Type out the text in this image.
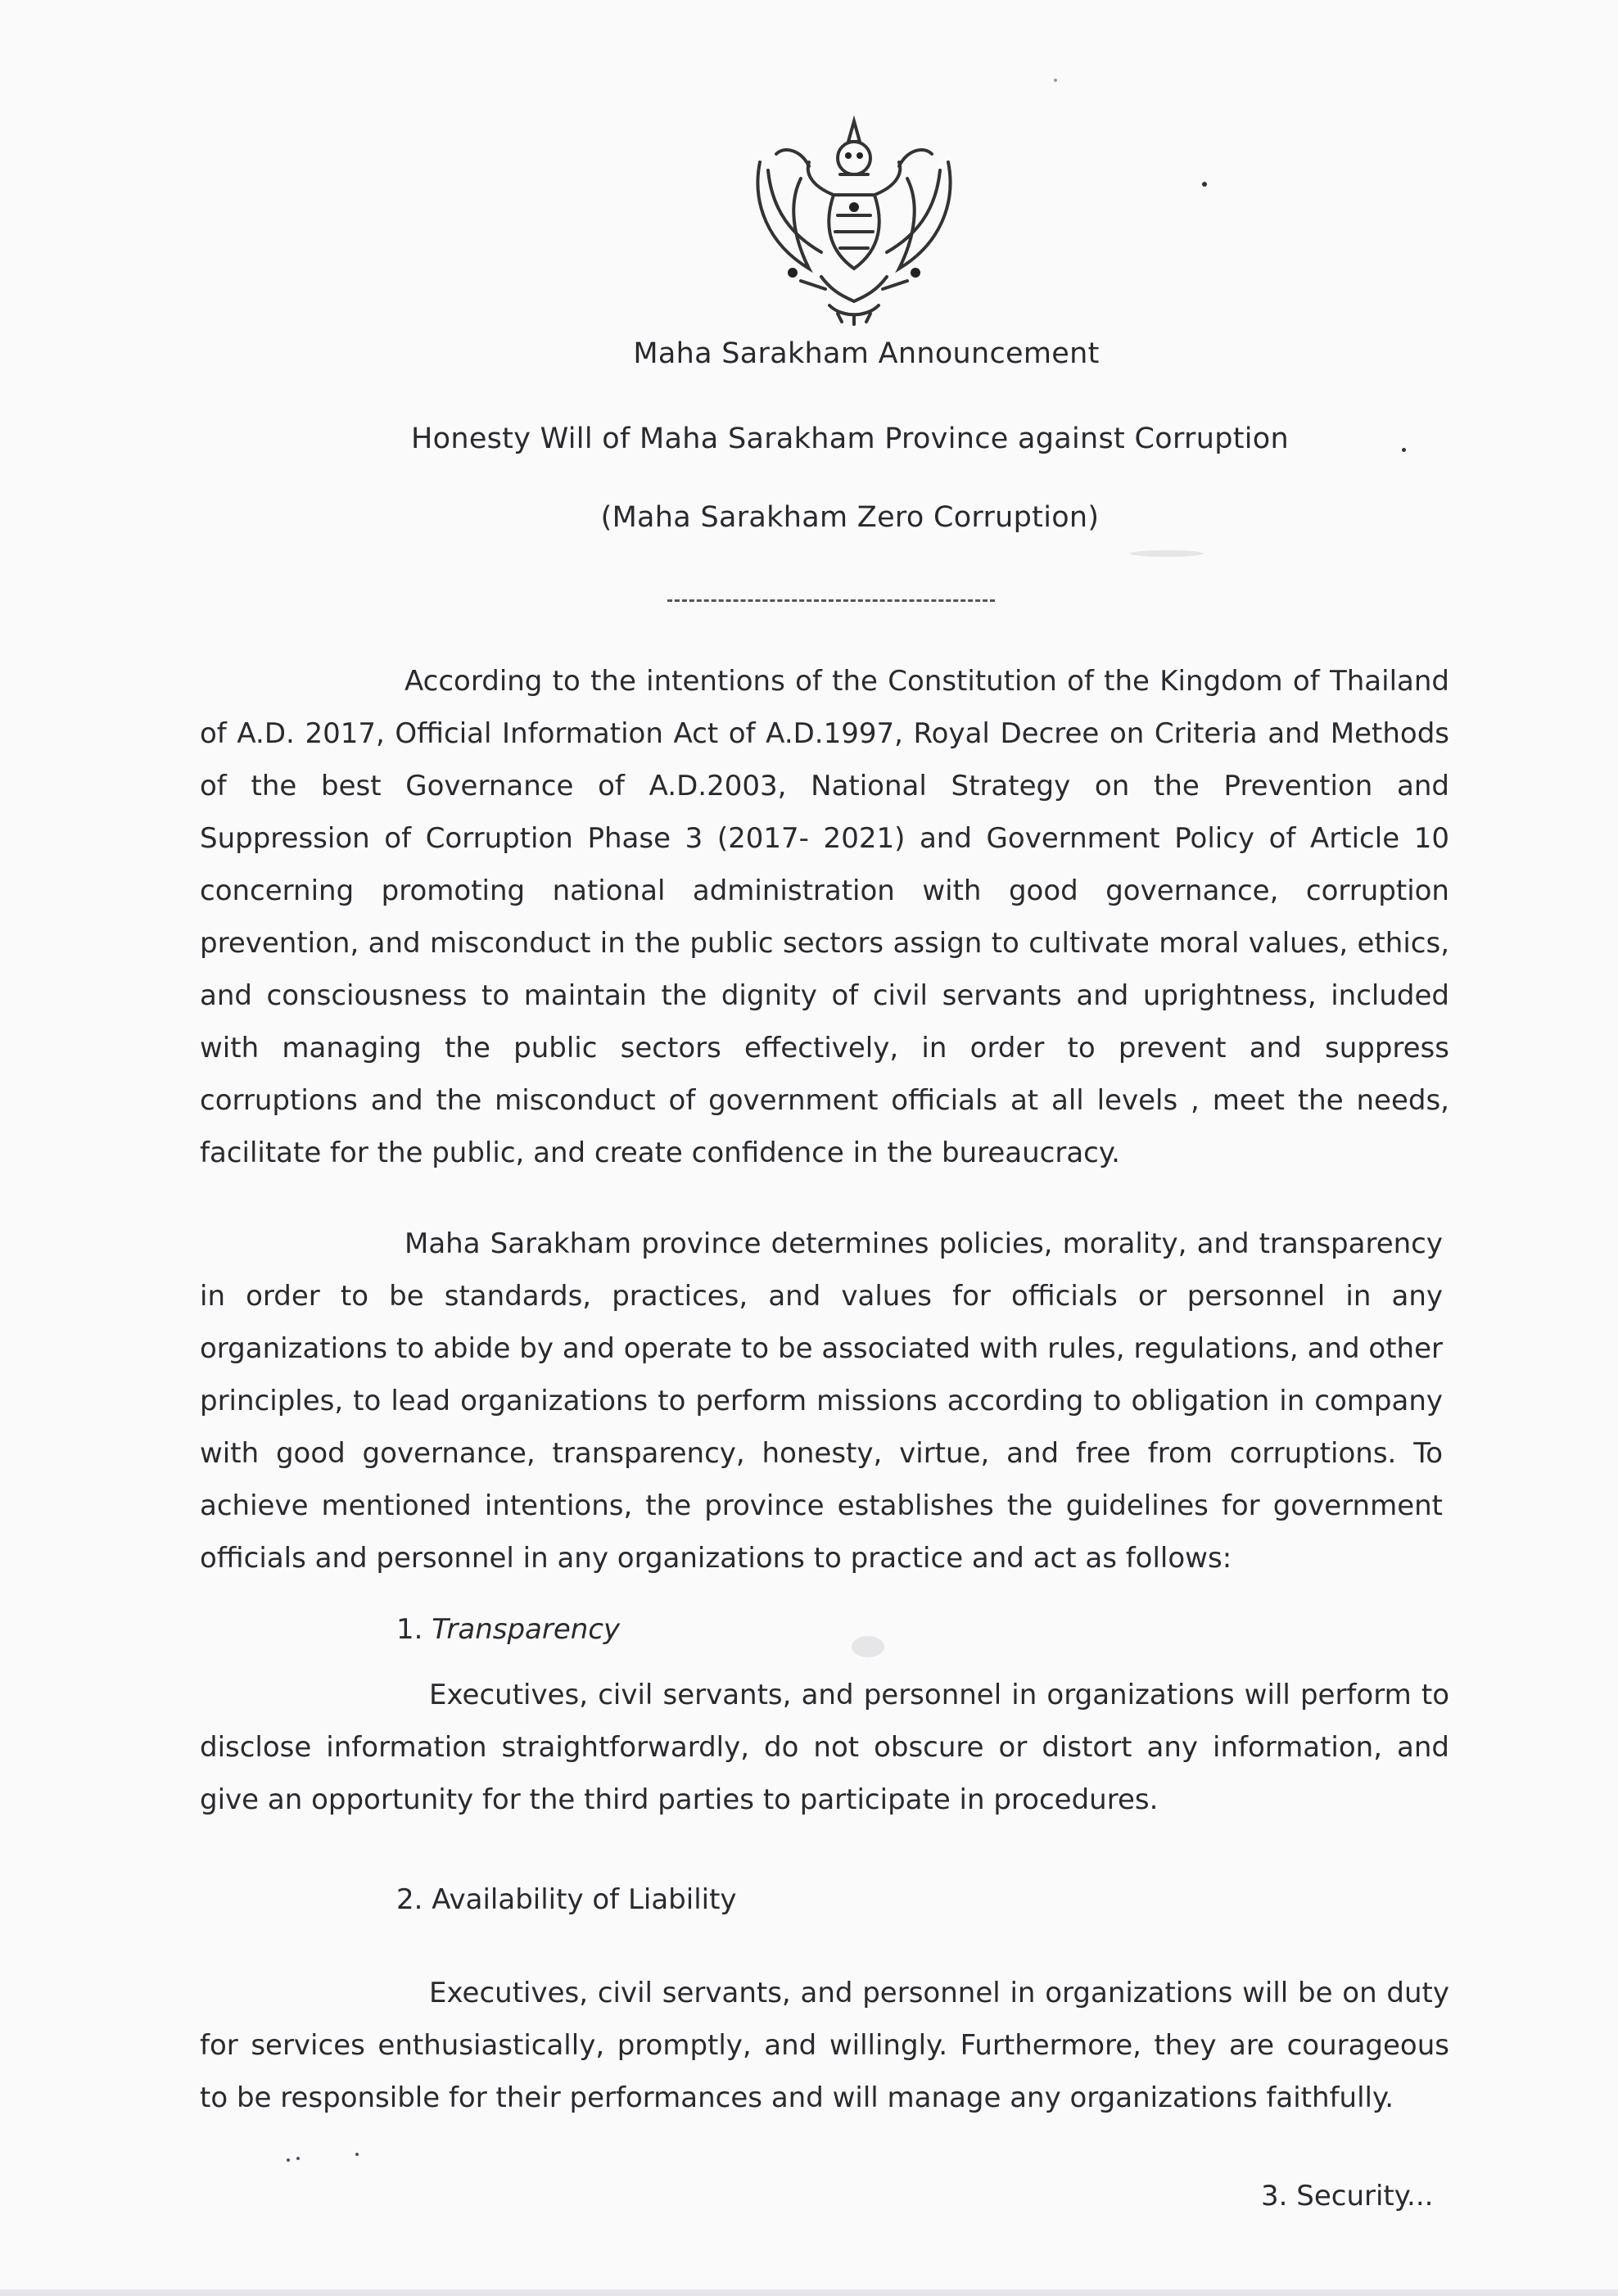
Maha Sarakham Announcement
Honesty Will of Maha Sarakham Province against Corruption
(Maha Sarakham Zero Corruption)

According to the intentions of the Constitution of the Kingdom of Thailand of A.D. 2017, Official Information Act of A.D.1997, Royal Decree on Criteria and Methods of the best Governance of A.D.2003, National Strategy on the Prevention and Suppression of Corruption Phase 3 (2017- 2021) and Government Policy of Article 10 concerning promoting national administration with good governance, corruption prevention, and misconduct in the public sectors assign to cultivate moral values, ethics, and consciousness to maintain the dignity of civil servants and uprightness, included with managing the public sectors effectively, in order to prevent and suppress corruptions and the misconduct of government officials at all levels , meet the needs, facilitate for the public, and create confidence in the bureaucracy.

Maha Sarakham province determines policies, morality, and transparency in order to be standards, practices, and values for officials or personnel in any organizations to abide by and operate to be associated with rules, regulations, and other principles, to lead organizations to perform missions according to obligation in company with good governance, transparency, honesty, virtue, and free from corruptions. To achieve mentioned intentions, the province establishes the guidelines for government officials and personnel in any organizations to practice and act as follows:

1. Transparency

Executives, civil servants, and personnel in organizations will perform to disclose information straightforwardly, do not obscure or distort any information, and give an opportunity for the third parties to participate in procedures.

2. Availability of Liability

Executives, civil servants, and personnel in organizations will be on duty for services enthusiastically, promptly, and willingly. Furthermore, they are courageous to be responsible for their performances and will manage any organizations faithfully.

3. Security...
